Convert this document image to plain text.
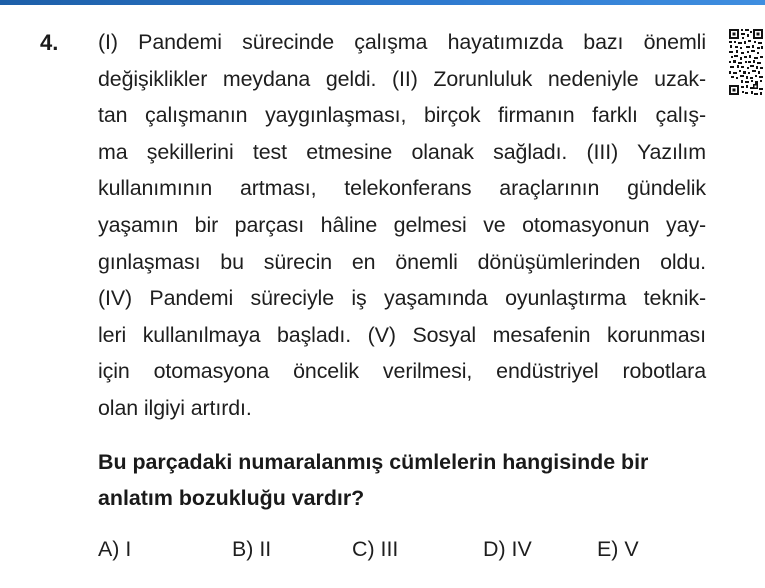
4. (I) Pandemi sürecinde çalışma hayatımızda bazı önemli
değişiklikler meydana geldi. (II) Zorunluluk nedeniyle uzak-
tan çalışmanın yaygınlaşması, birçok firmanın farklı çalış-
ma şekillerini test etmesine olanak sağladı. (III) Yazılım
kullanımının artması, telekonferans araçlarının gündelik
yaşamın bir parçası hâline gelmesi ve otomasyonun yay-
gınlaşması bu sürecin en önemli dönüşümlerinden oldu.
(IV) Pandemi süreciyle iş yaşamında oyunlaştırma teknik-
leri kullanılmaya başladı. (V) Sosyal mesafenin korunması
için otomasyona öncelik verilmesi, endüstriyel robotlara
olan ilgiyi artırdı.
Bu parçadaki numaralanmış cümlelerin hangisinde bir
anlatım bozukluğu vardır?
A) I	B) II	C) III	D) IV	E) V
